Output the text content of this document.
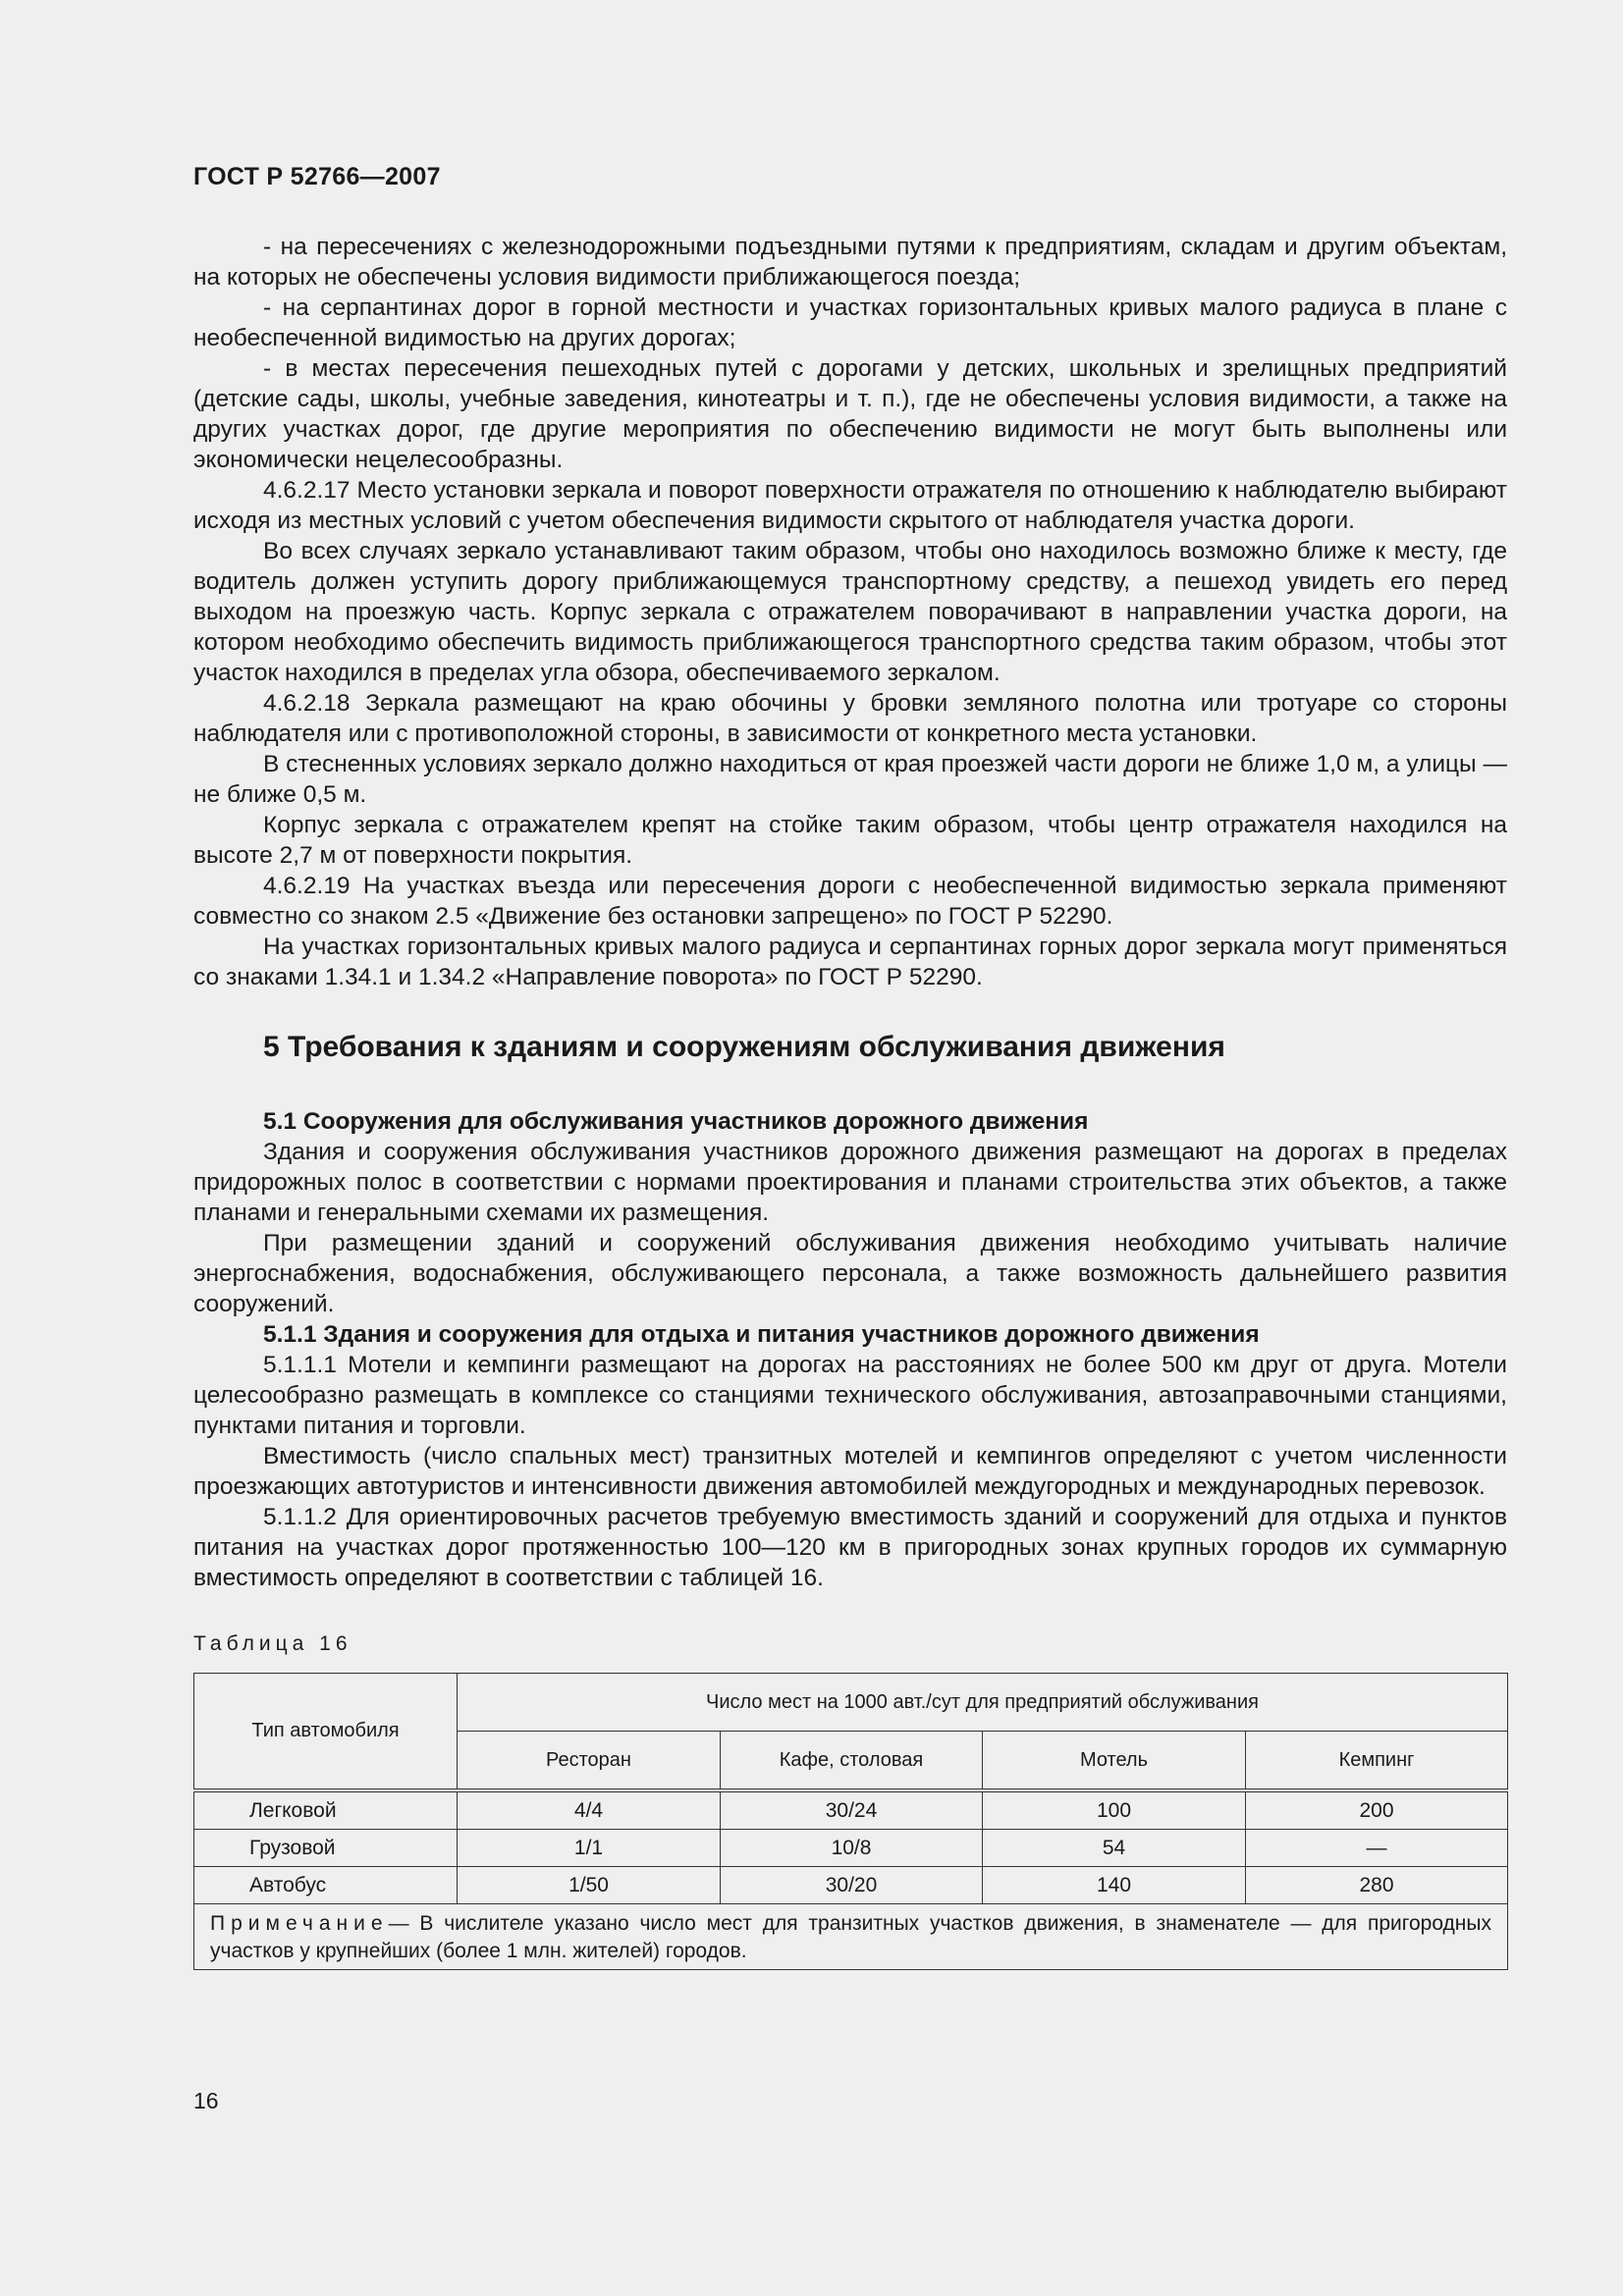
ГОСТ Р 52766—2007

- на пересечениях с железнодорожными подъездными путями к предприятиям, складам и другим объектам, на которых не обеспечены условия видимости приближающегося поезда;

- на серпантинах дорог в горной местности и участках горизонтальных кривых малого радиуса в плане с необеспеченной видимостью на других дорогах;

- в местах пересечения пешеходных путей с дорогами у детских, школьных и зрелищных предприятий (детские сады, школы, учебные заведения, кинотеатры и т. п.), где не обеспечены условия видимости, а также на других участках дорог, где другие мероприятия по обеспечению видимости не могут быть выполнены или экономически нецелесообразны.

4.6.2.17 Место установки зеркала и поворот поверхности отражателя по отношению к наблюдателю выбирают исходя из местных условий с учетом обеспечения видимости скрытого от наблюдателя участка дороги.

Во всех случаях зеркало устанавливают таким образом, чтобы оно находилось возможно ближе к месту, где водитель должен уступить дорогу приближающемуся транспортному средству, а пешеход увидеть его перед выходом на проезжую часть. Корпус зеркала с отражателем поворачивают в направлении участка дороги, на котором необходимо обеспечить видимость приближающегося транспортного средства таким образом, чтобы этот участок находился в пределах угла обзора, обеспечиваемого зеркалом.

4.6.2.18 Зеркала размещают на краю обочины у бровки земляного полотна или тротуаре со стороны наблюдателя или с противоположной стороны, в зависимости от конкретного места установки.

В стесненных условиях зеркало должно находиться от края проезжей части дороги не ближе 1,0 м, а улицы — не ближе 0,5 м.

Корпус зеркала с отражателем крепят на стойке таким образом, чтобы центр отражателя находился на высоте 2,7 м от поверхности покрытия.

4.6.2.19 На участках въезда или пересечения дороги с необеспеченной видимостью зеркала применяют совместно со знаком 2.5 «Движение без остановки запрещено» по ГОСТ Р 52290.

На участках горизонтальных кривых малого радиуса и серпантинах горных дорог зеркала могут применяться со знаками 1.34.1 и 1.34.2 «Направление поворота» по ГОСТ Р 52290.

5 Требования к зданиям и сооружениям обслуживания движения
5.1 Сооружения для обслуживания участников дорожного движения

Здания и сооружения обслуживания участников дорожного движения размещают на дорогах в пределах придорожных полос в соответствии с нормами проектирования и планами строительства этих объектов, а также планами и генеральными схемами их размещения.

При размещении зданий и сооружений обслуживания движения необходимо учитывать наличие энергоснабжения, водоснабжения, обслуживающего персонала, а также возможность дальнейшего развития сооружений.

5.1.1 Здания и сооружения для отдыха и питания участников дорожного движения

5.1.1.1 Мотели и кемпинги размещают на дорогах на расстояниях не более 500 км друг от друга. Мотели целесообразно размещать в комплексе со станциями технического обслуживания, автозаправочными станциями, пунктами питания и торговли.

Вместимость (число спальных мест) транзитных мотелей и кемпингов определяют с учетом численности проезжающих автотуристов и интенсивности движения автомобилей междугородных и международных перевозок.

5.1.1.2 Для ориентировочных расчетов требуемую вместимость зданий и сооружений для отдыха и пунктов питания на участках дорог протяженностью 100—120 км в пригородных зонах крупных городов их суммарную вместимость определяют в соответствии с таблицей 16.

Таблица 16
Тип автомобиля	Число мест на 1000 авт./сут для предприятий обслуживания			
	Ресторан	Кафе, столовая	Мотель	Кемпинг
Легковой	4/4	30/24	100	200
Грузовой	1/1	10/8	54	—
Автобус	1/50	30/20	140	280
Примечание— В числителе указано число мест для транзитных участков движения, в знаменателе — для пригородных участков у крупнейших (более 1 млн. жителей) городов.				
16
